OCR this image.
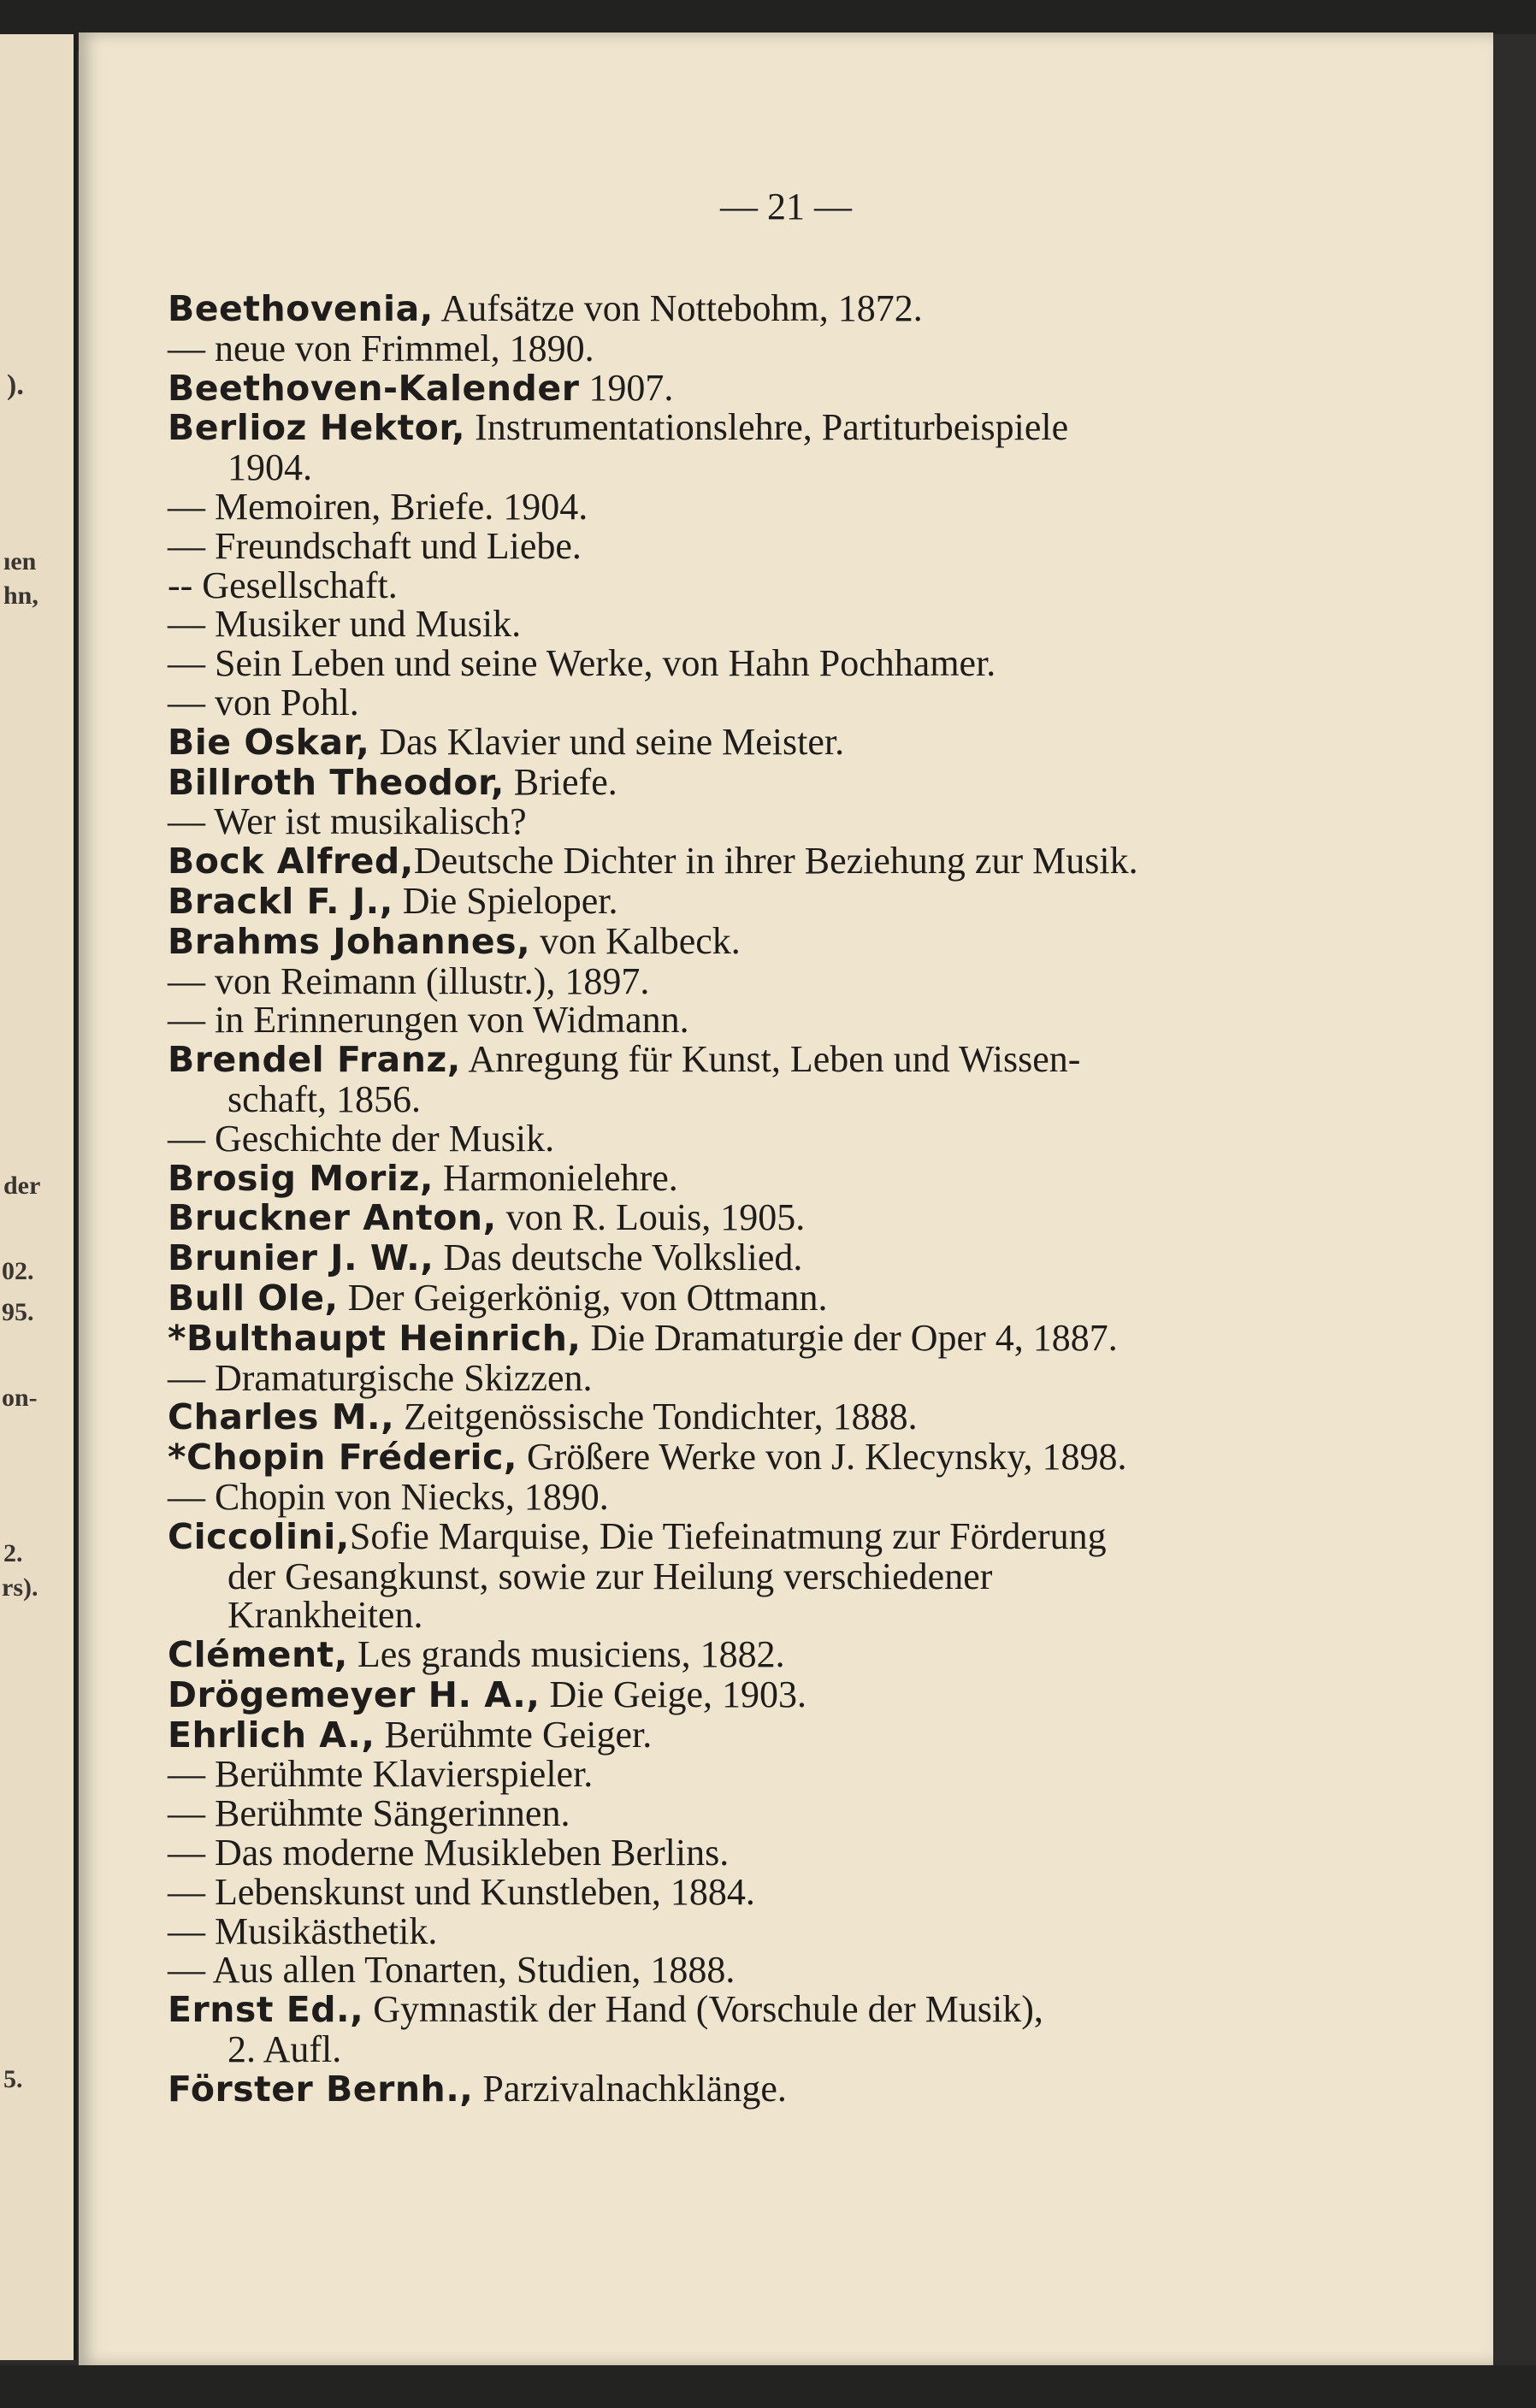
).
ıen
hn,
der
02.
95.
on-
2.
rs).
5.
— 21 —
Beethovenia, Aufsätze von Nottebohm, 1872.
— neue von Frimmel, 1890.
Beethoven-Kalender 1907.
Berlioz Hektor, Instrumentationslehre, Partiturbeispiele
1904.
— Memoiren, Briefe. 1904.
— Freundschaft und Liebe.
-- Gesellschaft.
— Musiker und Musik.
— Sein Leben und seine Werke, von Hahn Pochhamer.
— von Pohl.
Bie Oskar, Das Klavier und seine Meister.
Billroth Theodor, Briefe.
— Wer ist musikalisch?
Bock Alfred,Deutsche Dichter in ihrer Beziehung zur Musik.
Brackl F. J., Die Spieloper.
Brahms Johannes, von Kalbeck.
— von Reimann (illustr.), 1897.
— in Erinnerungen von Widmann.
Brendel Franz, Anregung für Kunst, Leben und Wissen-
schaft, 1856.
— Geschichte der Musik.
Brosig Moriz, Harmonielehre.
Bruckner Anton, von R. Louis, 1905.
Brunier J. W., Das deutsche Volkslied.
Bull Ole, Der Geigerkönig, von Ottmann.
*Bulthaupt Heinrich, Die Dramaturgie der Oper 4, 1887.
— Dramaturgische Skizzen.
Charles M., Zeitgenössische Tondichter, 1888.
*Chopin Fréderic, Größere Werke von J. Klecynsky, 1898.
— Chopin von Niecks, 1890.
Ciccolini,Sofie Marquise, Die Tiefeinatmung zur Förderung
der Gesangkunst, sowie zur Heilung verschiedener
Krankheiten.
Clément, Les grands musiciens, 1882.
Drögemeyer H. A., Die Geige, 1903.
Ehrlich A., Berühmte Geiger.
— Berühmte Klavierspieler.
— Berühmte Sängerinnen.
— Das moderne Musikleben Berlins.
— Lebenskunst und Kunstleben, 1884.
— Musikästhetik.
— Aus allen Tonarten, Studien, 1888.
Ernst Ed., Gymnastik der Hand (Vorschule der Musik),
2. Aufl.
Förster Bernh., Parzivalnachklänge.
